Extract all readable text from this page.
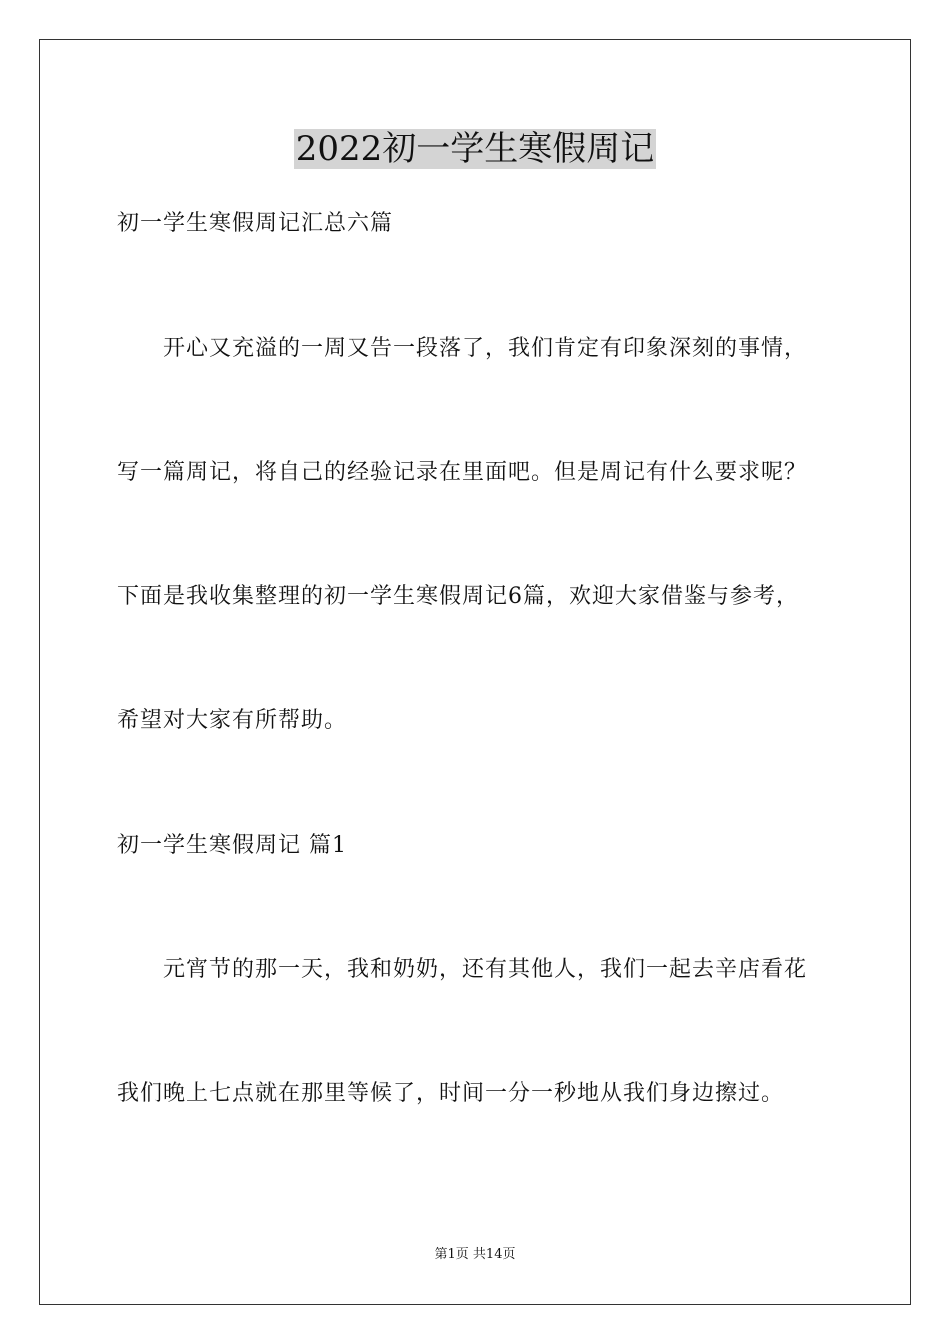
2022初一学生寒假周记
初一学生寒假周记汇总六篇
开心又充溢的一周又告一段落了，我们肯定有印象深刻的事情，
写一篇周记，将自己的经验记录在里面吧。但是周记有什么要求呢？
下面是我收集整理的初一学生寒假周记6篇，欢迎大家借鉴与参考，
希望对大家有所帮助。
初一学生寒假周记 篇1
元宵节的那一天，我和奶奶，还有其他人，我们一起去辛店看花
我们晚上七点就在那里等候了，时间一分一秒地从我们身边擦过。
第1页 共14页
